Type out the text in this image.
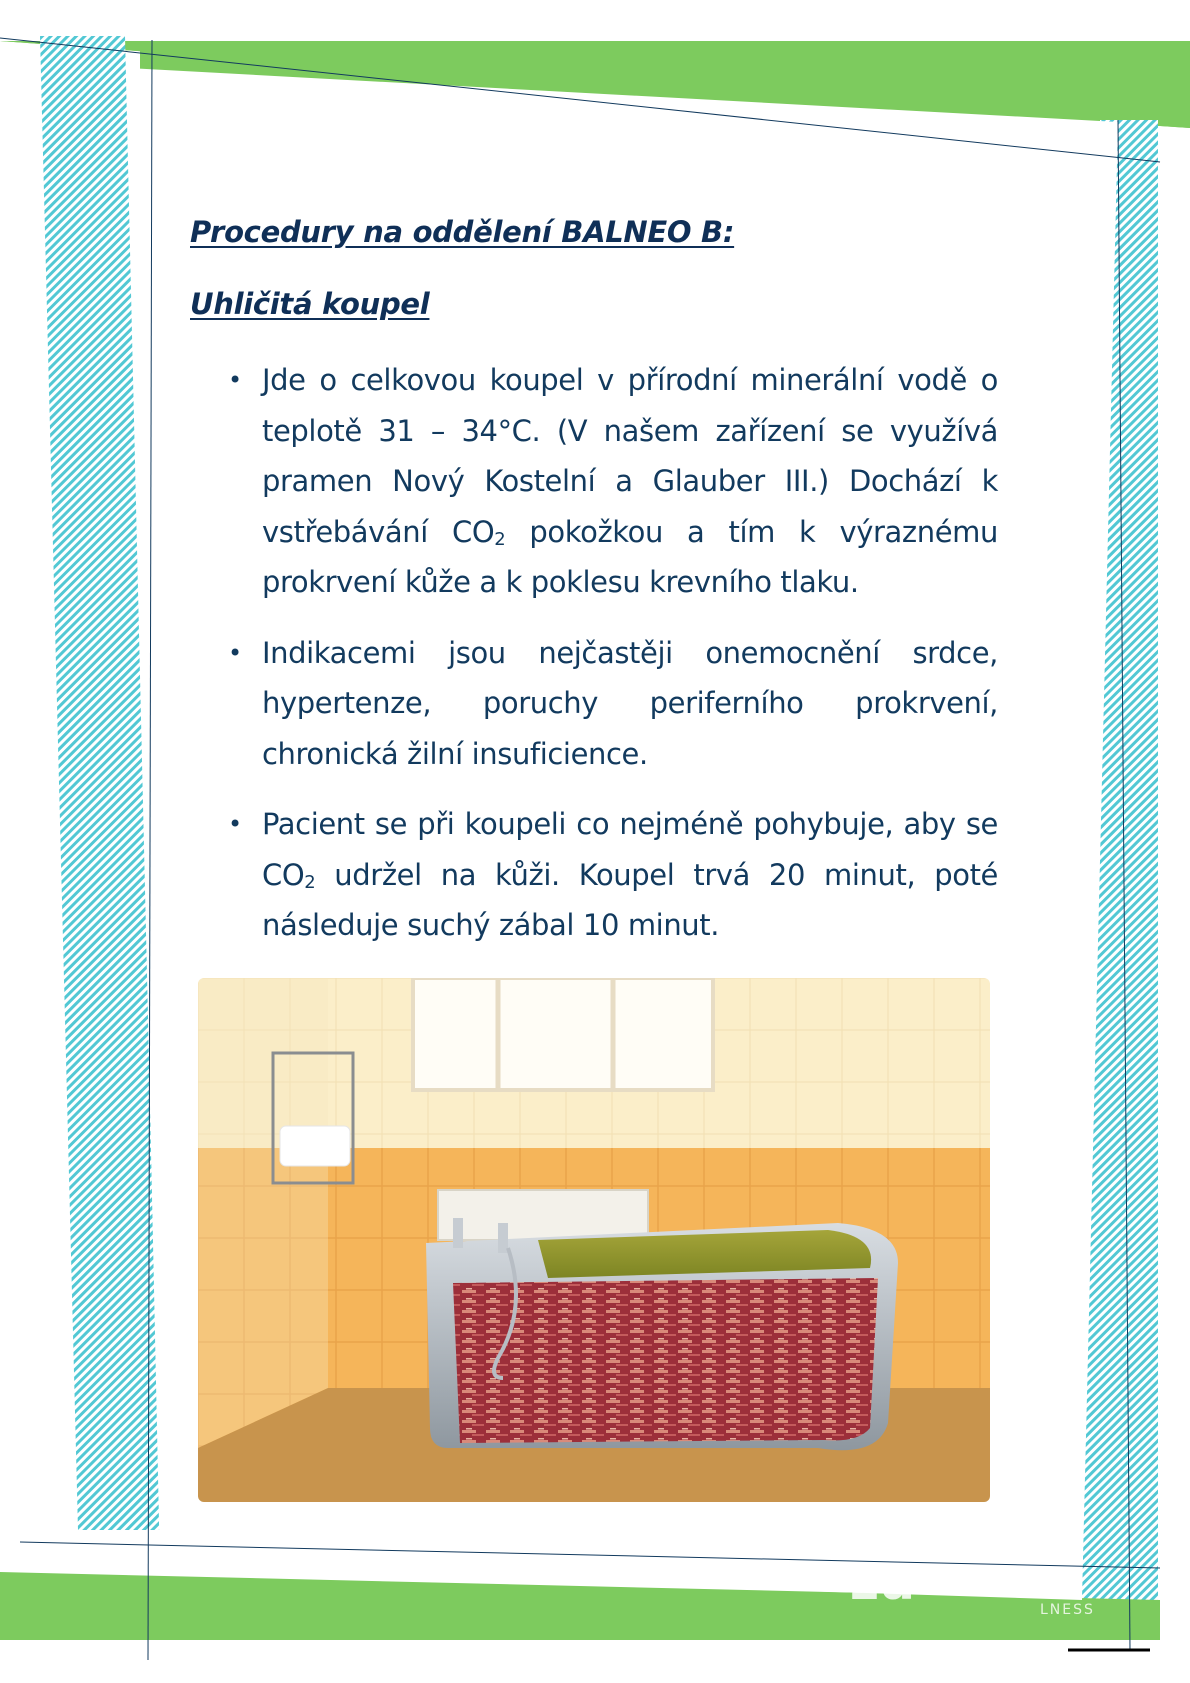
Procedury na oddělení BALNEO B:
Uhličitá koupel
• Jde o celkovou koupel v přírodní minerální vodě o teplotě 31 – 34°C. (V našem zařízení se využívá pramen Nový Kostelní a Glauber III.) Dochází k vstřebávání $CO_2$ pokožkou a tím k výraznému prokrvení kůže a k poklesu krevního tlaku.
• Indikacemi jsou nejčastěji onemocnění srdce, hypertenze, poruchy periferního prokrvení, chronická žilní insuficience.
• Pacient se při koupeli co nejméně pohybuje, aby se $CO_2$ udržel na kůži. Koupel trvá 20 minut, poté následuje suchý zábal 10 minut.
za	LNESS
